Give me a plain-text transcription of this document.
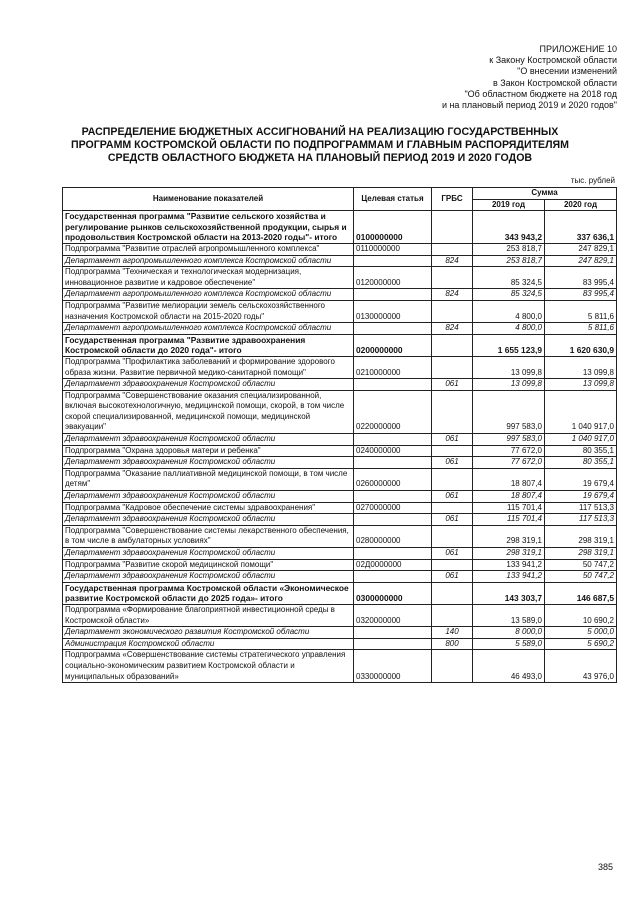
ПРИЛОЖЕНИЕ 10
к Закону Костромской области
"О внесении изменений
в Закон Костромской области
"Об областном бюджете на 2018 год
и на плановый период 2019 и 2020 годов"
РАСПРЕДЕЛЕНИЕ БЮДЖЕТНЫХ АССИГНОВАНИЙ НА РЕАЛИЗАЦИЮ ГОСУДАРСТВЕННЫХ
ПРОГРАММ КОСТРОМСКОЙ ОБЛАСТИ ПО ПОДПРОГРАММАМ И ГЛАВНЫМ РАСПОРЯДИТЕЛЯМ
СРЕДСТВ ОБЛАСТНОГО БЮДЖЕТА НА ПЛАНОВЫЙ ПЕРИОД 2019 И 2020 ГОДОВ
тыс. рублей
Наименование показателей	Целевая статья	ГРБС	Сумма	
			2019 год	2020 год
Государственная программа "Развитие сельского хозяйства и регулирование рынков сельскохозяйственной продукции, сырья и продовольствия Костромской области на 2013-2020 годы"- итого	0100000000		343 943,2	337 636,1
Подпрограмма "Развитие отраслей агропромышленного комплекса"	0110000000		253 818,7	247 829,1
Департамент агропромышленного комплекса Костромской области		824	253 818,7	247 829,1
Подпрограмма "Техническая и технологическая модернизация, инновационное развитие и кадровое обеспечение"	0120000000		85 324,5	83 995,4
Департамент агропромышленного комплекса Костромской области		824	85 324,5	83 995,4
Подпрограмма "Развитие мелиорации земель сельскохозяйственного назначения Костромской области на 2015-2020 годы"	0130000000		4 800,0	5 811,6
Департамент агропромышленного комплекса Костромской области		824	4 800,0	5 811,6
Государственная программа "Развитие здравоохранения Костромской области до 2020 года"- итого	0200000000		1 655 123,9	1 620 630,9
Подпрограмма "Профилактика заболеваний и формирование здорового образа жизни. Развитие первичной медико-санитарной помощи"	0210000000		13 099,8	13 099,8
Департамент здравоохранения Костромской области		061	13 099,8	13 099,8
Подпрограмма "Совершенствование оказания специализированной, включая высокотехнологичную, медицинской помощи, скорой, в том числе скорой специализированной, медицинской помощи, медицинской эвакуации"	0220000000		997 583,0	1 040 917,0
Департамент здравоохранения Костромской области		061	997 583,0	1 040 917,0
Подпрограмма "Охрана здоровья матери и ребенка"	0240000000		77 672,0	80 355,1
Департамент здравоохранения Костромской области		061	77 672,0	80 355,1
Подпрограмма "Оказание паллиативной медицинской помощи, в том числе детям"	0260000000		18 807,4	19 679,4
Департамент здравоохранения Костромской области		061	18 807,4	19 679,4
Подпрограмма "Кадровое обеспечение системы здравоохранения"	0270000000		115 701,4	117 513,3
Департамент здравоохранения Костромской области		061	115 701,4	117 513,3
Подпрограмма "Совершенствование системы лекарственного обеспечения, в том числе в амбулаторных условиях"	0280000000		298 319,1	298 319,1
Департамент здравоохранения Костромской области		061	298 319,1	298 319,1
Подпрограмма "Развитие скорой медицинской помощи"	02Д0000000		133 941,2	50 747,2
Департамент здравоохранения Костромской области		061	133 941,2	50 747,2
Государственная программа Костромской области «Экономическое развитие Костромской области до 2025 года»- итого	0300000000		143 303,7	146 687,5
Подпрограмма «Формирование благоприятной инвестиционной среды в Костромской области»	0320000000		13 589,0	10 690,2
Департамент экономического развития Костромской области		140	8 000,0	5 000,0
Администрация Костромской области		800	5 589,0	5 690,2
Подпрограмма «Совершенствование системы стратегического управления социально-экономическим развитием Костромской области и муниципальных образований»	0330000000		46 493,0	43 976,0
385
